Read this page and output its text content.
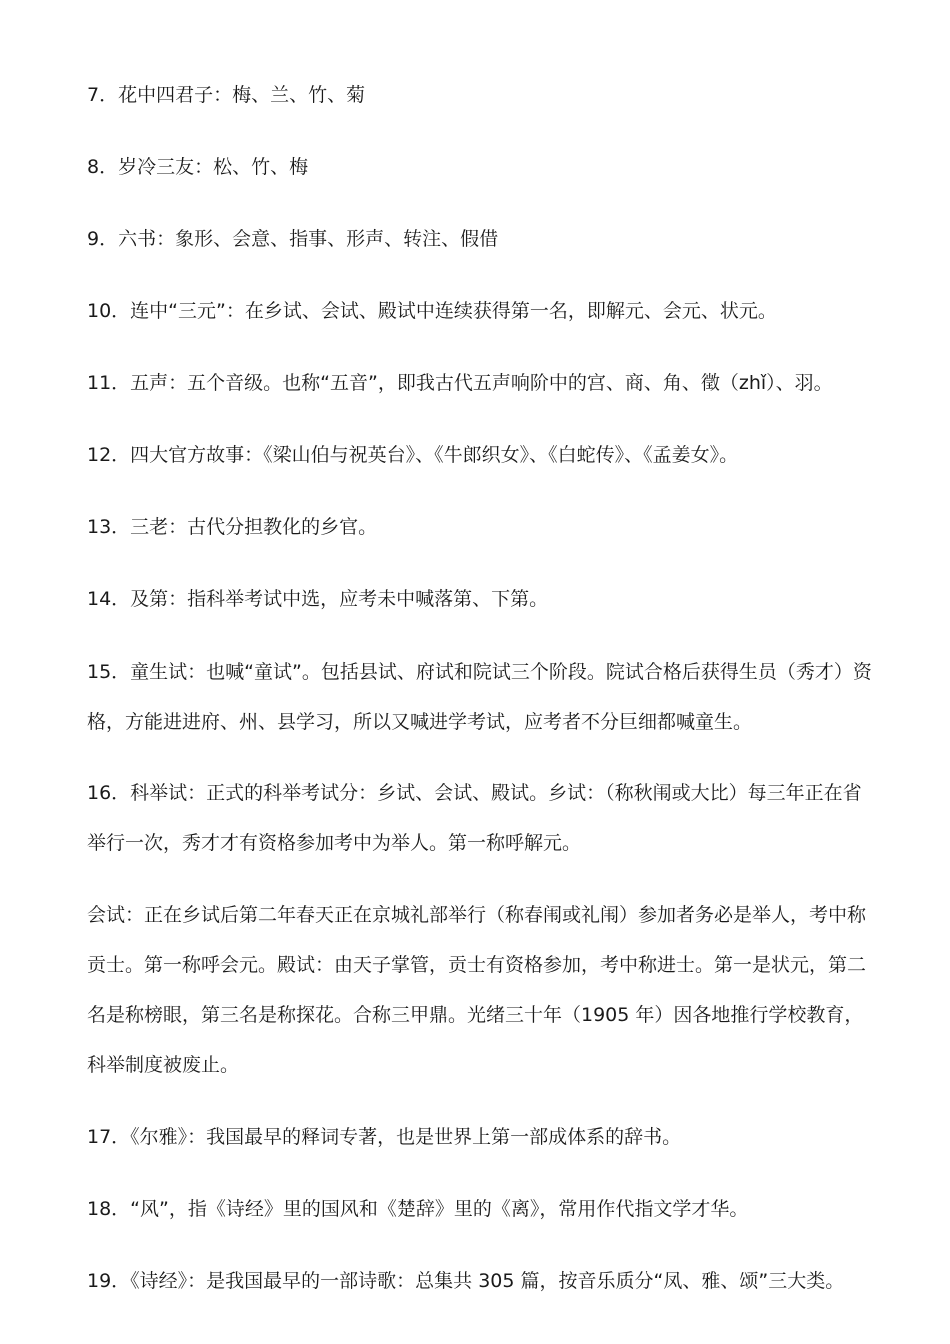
7．花中四君子：梅、兰、竹、菊

8．岁冷三友：松、竹、梅

9．六书：象形、会意、指事、形声、转注、假借

10．连中“三元”：在乡试、会试、殿试中连续获得第一名，即解元、会元、状元。

11．五声：五个音级。也称“五音”，即我古代五声响阶中的宫、商、角、徵（zhǐ）、羽。

12．四大官方故事：《梁山伯与祝英台》、《牛郎织女》、《白蛇传》、《孟姜女》。

13．三老：古代分担教化的乡官。

14．及第：指科举考试中选，应考未中喊落第、下第。

15．童生试：也喊“童试”。包括县试、府试和院试三个阶段。院试合格后获得生员（秀才）资格，方能进进府、州、县学习，所以又喊进学考试，应考者不分巨细都喊童生。

16．科举试：正式的科举考试分：乡试、会试、殿试。乡试：（称秋闱或大比）每三年正在省举行一次，秀才才有资格参加考中为举人。第一称呼解元。

会试：正在乡试后第二年春天正在京城礼部举行（称春闱或礼闱）参加者务必是举人，考中称贡士。第一称呼会元。殿试：由天子掌管，贡士有资格参加，考中称进士。第一是状元，第二名是称榜眼，第三名是称探花。合称三甲鼎。光绪三十年（1905 年）因各地推行学校教育，科举制度被废止。

17．《尔雅》：我国最早的释词专著，也是世界上第一部成体系的辞书。

18．“风”，指《诗经》里的国风和《楚辞》里的《离》，常用作代指文学才华。

19．《诗经》：是我国最早的一部诗歌：总集共 305 篇，按音乐质分“凤、雅、颂”三大类。
